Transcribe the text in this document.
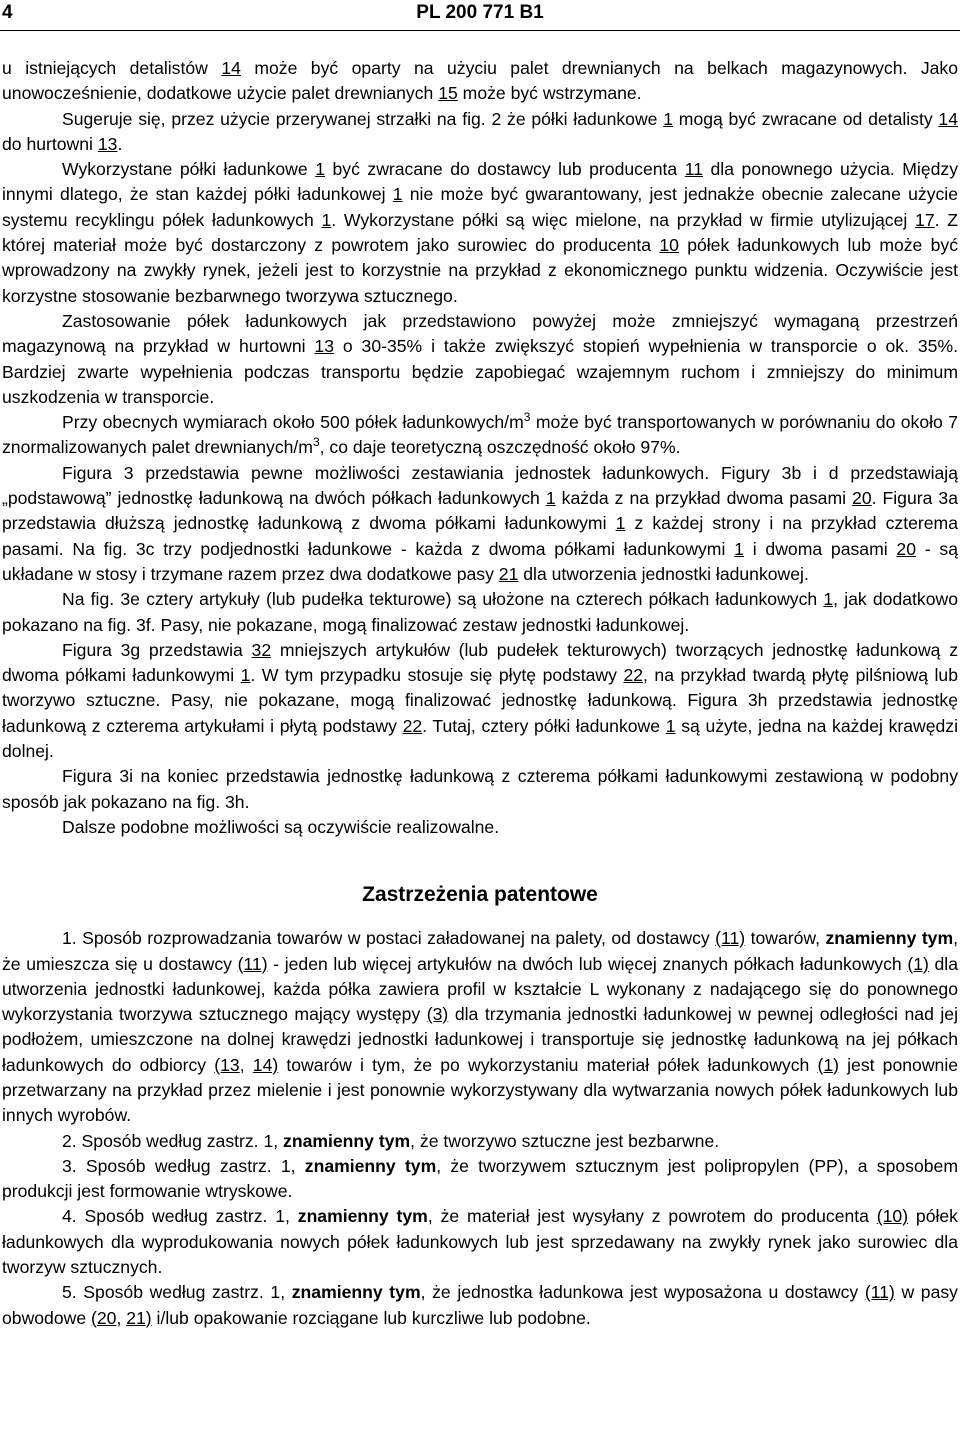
4	PL 200 771 B1

u istniejących detalistów 14 może być oparty na użyciu palet drewnianych na belkach magazynowych. Jako unowocześnienie, dodatkowe użycie palet drewnianych 15 może być wstrzymane.

Sugeruje się, przez użycie przerywanej strzałki na fig. 2 że półki ładunkowe 1 mogą być zwracane od detalisty 14 do hurtowni 13.

Wykorzystane półki ładunkowe 1 być zwracane do dostawcy lub producenta 11 dla ponownego użycia. Między innymi dlatego, że stan każdej półki ładunkowej 1 nie może być gwarantowany, jest jednakże obecnie zalecane użycie systemu recyklingu półek ładunkowych 1. Wykorzystane półki są więc mielone, na przykład w firmie utylizującej 17. Z której materiał może być dostarczony z powrotem jako surowiec do producenta 10 półek ładunkowych lub może być wprowadzony na zwykły rynek, jeżeli jest to korzystnie na przykład z ekonomicznego punktu widzenia. Oczywiście jest korzystne stosowanie bezbarwnego tworzywa sztucznego.

Zastosowanie półek ładunkowych jak przedstawiono powyżej może zmniejszyć wymaganą przestrzeń magazynową na przykład w hurtowni 13 o 30-35% i także zwiększyć stopień wypełnienia w transporcie o ok. 35%. Bardziej zwarte wypełnienia podczas transportu będzie zapobiegać wzajemnym ruchom i zmniejszy do minimum uszkodzenia w transporcie.

Przy obecnych wymiarach około 500 półek ładunkowych/$m^3$ może być transportowanych w porównaniu do około 7 znormalizowanych palet drewnianych/$m^3$, co daje teoretyczną oszczędność około 97%.

Figura 3 przedstawia pewne możliwości zestawiania jednostek ładunkowych. Figury 3b i d przedstawiają „podstawową” jednostkę ładunkową na dwóch półkach ładunkowych 1 każda z na przykład dwoma pasami 20. Figura 3a przedstawia dłuższą jednostkę ładunkową z dwoma półkami ładunkowymi 1 z każdej strony i na przykład czterema pasami. Na fig. 3c trzy podjednostki ładunkowe - każda z dwoma półkami ładunkowymi 1 i dwoma pasami 20 - są układane w stosy i trzymane razem przez dwa dodatkowe pasy 21 dla utworzenia jednostki ładunkowej.

Na fig. 3e cztery artykuły (lub pudełka tekturowe) są ułożone na czterech półkach ładunkowych 1, jak dodatkowo pokazano na fig. 3f. Pasy, nie pokazane, mogą finalizować zestaw jednostki ładunkowej.

Figura 3g przedstawia 32 mniejszych artykułów (lub pudełek tekturowych) tworzących jednostkę ładunkową z dwoma półkami ładunkowymi 1. W tym przypadku stosuje się płytę podstawy 22, na przykład twardą płytę pilśniową lub tworzywo sztuczne. Pasy, nie pokazane, mogą finalizować jednostkę ładunkową. Figura 3h przedstawia jednostkę ładunkową z czterema artykułami i płytą podstawy 22. Tutaj, cztery półki ładunkowe 1 są użyte, jedna na każdej krawędzi dolnej.

Figura 3i na koniec przedstawia jednostkę ładunkową z czterema półkami ładunkowymi zestawioną w podobny sposób jak pokazano na fig. 3h.

Dalsze podobne możliwości są oczywiście realizowalne.

Zastrzeżenia patentowe

1. Sposób rozprowadzania towarów w postaci załadowanej na palety, od dostawcy (11) towarów, znamienny tym, że umieszcza się u dostawcy (11) - jeden lub więcej artykułów na dwóch lub więcej znanych półkach ładunkowych (1) dla utworzenia jednostki ładunkowej, każda półka zawiera profil w kształcie L wykonany z nadającego się do ponownego wykorzystania tworzywa sztucznego mający występy (3) dla trzymania jednostki ładunkowej w pewnej odległości nad jej podłożem, umieszczone na dolnej krawędzi jednostki ładunkowej i transportuje się jednostkę ładunkową na jej półkach ładunkowych do odbiorcy (13, 14) towarów i tym, że po wykorzystaniu materiał półek ładunkowych (1) jest ponownie przetwarzany na przykład przez mielenie i jest ponownie wykorzystywany dla wytwarzania nowych półek ładunkowych lub innych wyrobów.

2. Sposób według zastrz. 1, znamienny tym, że tworzywo sztuczne jest bezbarwne.

3. Sposób według zastrz. 1, znamienny tym, że tworzywem sztucznym jest polipropylen (PP), a sposobem produkcji jest formowanie wtryskowe.

4. Sposób według zastrz. 1, znamienny tym, że materiał jest wysyłany z powrotem do producenta (10) półek ładunkowych dla wyprodukowania nowych półek ładunkowych lub jest sprzedawany na zwykły rynek jako surowiec dla tworzyw sztucznych.

5. Sposób według zastrz. 1, znamienny tym, że jednostka ładunkowa jest wyposażona u dostawcy (11) w pasy obwodowe (20, 21) i/lub opakowanie rozciągane lub kurczliwe lub podobne.
